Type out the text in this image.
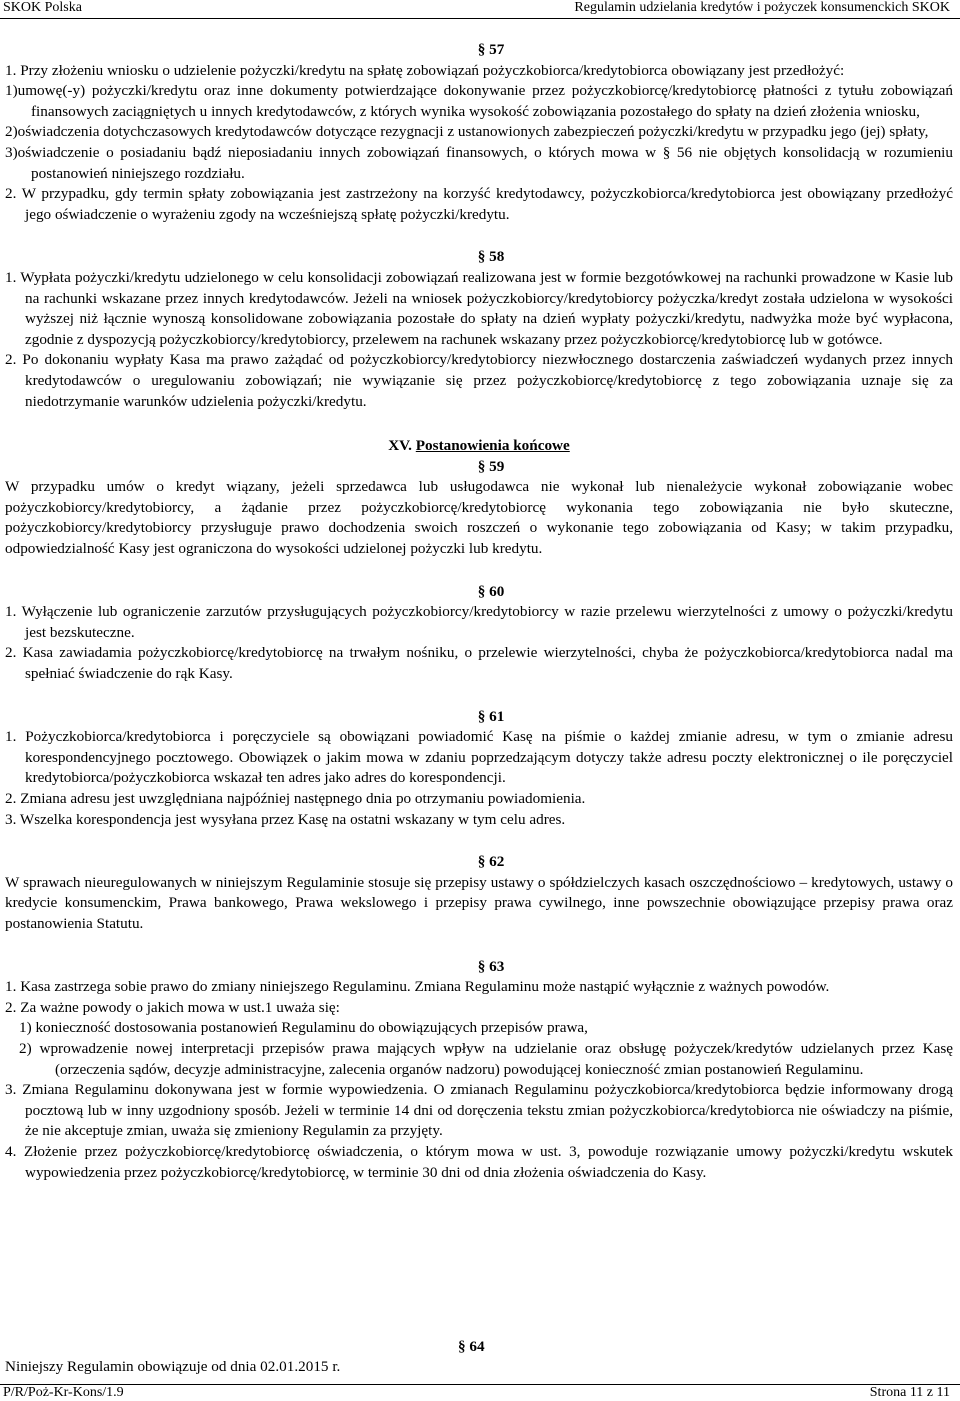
SKOK Polska	Regulamin udzielania kredytów i pożyczek konsumenckich SKOK

§ 57

1. Przy złożeniu wniosku o udzielenie pożyczki/kredytu na spłatę zobowiązań pożyczkobiorca/kredytobiorca obowiązany jest przedłożyć:

1)umowę(-y) pożyczki/kredytu oraz inne dokumenty potwierdzające dokonywanie przez pożyczkobiorcę/kredytobiorcę płatności z tytułu zobowiązań finansowych zaciągniętych u innych kredytodawców, z których wynika wysokość zobowiązania pozostałego do spłaty na dzień złożenia wniosku,

2)oświadczenia dotychczasowych kredytodawców dotyczące rezygnacji z ustanowionych zabezpieczeń pożyczki/kredytu w przypadku jego (jej) spłaty,

3)oświadczenie o posiadaniu bądź nieposiadaniu innych zobowiązań finansowych, o których mowa w § 56 nie objętych konsolidacją w rozumieniu postanowień niniejszego rozdziału.

2. W przypadku, gdy termin spłaty zobowiązania jest zastrzeżony na korzyść kredytodawcy, pożyczkobiorca/kredytobiorca jest obowiązany przedłożyć jego oświadczenie o wyrażeniu zgody na wcześniejszą spłatę pożyczki/kredytu.

§ 58

1. Wypłata pożyczki/kredytu udzielonego w celu konsolidacji zobowiązań realizowana jest w formie bezgotówkowej na rachunki prowadzone w Kasie lub na rachunki wskazane przez innych kredytodawców. Jeżeli na wniosek pożyczkobiorcy/kredytobiorcy pożyczka/kredyt została udzielona w wysokości wyższej niż łącznie wynoszą konsolidowane zobowiązania pozostałe do spłaty na dzień wypłaty pożyczki/kredytu, nadwyżka może być wypłacona, zgodnie z dyspozycją pożyczkobiorcy/kredytobiorcy, przelewem na rachunek wskazany przez pożyczkobiorcę/kredytobiorcę lub w gotówce.

2. Po dokonaniu wypłaty Kasa ma prawo zażądać od pożyczkobiorcy/kredytobiorcy niezwłocznego dostarczenia zaświadczeń wydanych przez innych kredytodawców o uregulowaniu zobowiązań; nie wywiązanie się przez pożyczkobiorcę/kredytobiorcę z tego zobowiązania uznaje się za niedotrzymanie warunków udzielenia pożyczki/kredytu.

XV. Postanowienia końcowe

§ 59

W przypadku umów o kredyt wiązany, jeżeli sprzedawca lub usługodawca nie wykonał lub nienależycie wykonał zobowiązanie wobec pożyczkobiorcy/kredytobiorcy, a żądanie przez pożyczkobiorcę/kredytobiorcę wykonania tego zobowiązania nie było skuteczne, pożyczkobiorcy/kredytobiorcy przysługuje prawo dochodzenia swoich roszczeń o wykonanie tego zobowiązania od Kasy; w takim przypadku, odpowiedzialność Kasy jest ograniczona do wysokości udzielonej pożyczki lub kredytu.

§ 60

1. Wyłączenie lub ograniczenie zarzutów przysługujących pożyczkobiorcy/kredytobiorcy w razie przelewu wierzytelności z umowy o pożyczki/kredytu jest bezskuteczne.

2. Kasa zawiadamia pożyczkobiorcę/kredytobiorcę na trwałym nośniku, o przelewie wierzytelności, chyba że pożyczkobiorca/kredytobiorca nadal ma spełniać świadczenie do rąk Kasy.

§ 61

1. Pożyczkobiorca/kredytobiorca i poręczyciele są obowiązani powiadomić Kasę na piśmie o każdej zmianie adresu, w tym o zmianie adresu korespondencyjnego pocztowego. Obowiązek o jakim mowa w zdaniu poprzedzającym dotyczy także adresu poczty elektronicznej o ile poręczyciel kredytobiorca/pożyczkobiorca wskazał ten adres jako adres do korespondencji.

2. Zmiana adresu jest uwzględniana najpóźniej następnego dnia po otrzymaniu powiadomienia.

3. Wszelka korespondencja jest wysyłana przez Kasę na ostatni wskazany w tym celu adres.

§ 62

W sprawach nieuregulowanych w niniejszym Regulaminie stosuje się przepisy ustawy o spółdzielczych kasach oszczędnościowo – kredytowych, ustawy o kredycie konsumenckim, Prawa bankowego, Prawa wekslowego i przepisy prawa cywilnego, inne powszechnie obowiązujące przepisy prawa oraz postanowienia Statutu.

§ 63

1. Kasa zastrzega sobie prawo do zmiany niniejszego Regulaminu. Zmiana Regulaminu może nastąpić wyłącznie z ważnych powodów.

2. Za ważne powody o jakich mowa w ust.1 uważa się:

1) konieczność dostosowania postanowień Regulaminu do obowiązujących przepisów prawa,

2) wprowadzenie nowej interpretacji przepisów prawa mających wpływ na udzielanie oraz obsługę pożyczek/kredytów udzielanych przez Kasę (orzeczenia sądów, decyzje administracyjne, zalecenia organów nadzoru) powodującej konieczność zmian postanowień Regulaminu.

3. Zmiana Regulaminu dokonywana jest w formie wypowiedzenia. O zmianach Regulaminu pożyczkobiorca/kredytobiorca będzie informowany drogą pocztową lub w inny uzgodniony sposób. Jeżeli w terminie 14 dni od doręczenia tekstu zmian pożyczkobiorca/kredytobiorca nie oświadczy na piśmie, że nie akceptuje zmian, uważa się zmieniony Regulamin za przyjęty.

4. Złożenie przez pożyczkobiorcę/kredytobiorcę oświadczenia, o którym mowa w ust. 3, powoduje rozwiązanie umowy pożyczki/kredytu wskutek wypowiedzenia przez pożyczkobiorcę/kredytobiorcę, w terminie 30 dni od dnia złożenia oświadczenia do Kasy.

§ 64
Niniejszy Regulamin obowiązuje od dnia 02.01.2015 r.
P/R/Poż-Kr-Kons/1.9	Strona 11 z 11
